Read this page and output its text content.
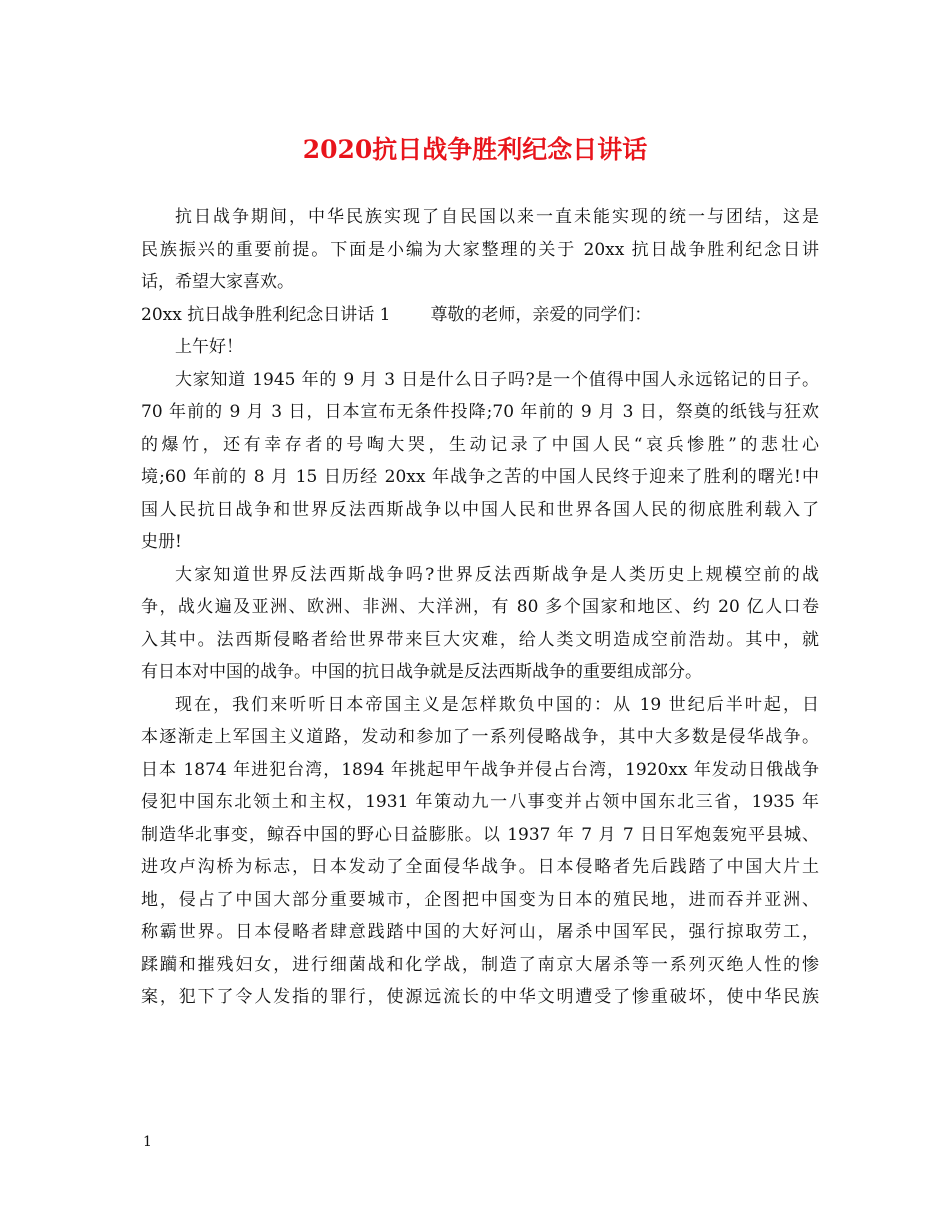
2020抗日战争胜利纪念日讲话
抗日战争期间，中华民族实现了自民国以来一直未能实现的统一与团结，这是
民族振兴的重要前提。下面是小编为大家整理的关于 20xx 抗日战争胜利纪念日讲
话，希望大家喜欢。
20xx 抗日战争胜利纪念日讲话 1 尊敬的老师，亲爱的同学们：
上午好！
大家知道 1945 年的 9 月 3 日是什么日子吗?是一个值得中国人永远铭记的日子。
70 年前的 9 月 3 日，日本宣布无条件投降;70 年前的 9 月 3 日，祭奠的纸钱与狂欢
的爆竹，还有幸存者的号啕大哭，生动记录了中国人民“哀兵惨胜”的悲壮心
境;60 年前的 8 月 15 日历经 20xx 年战争之苦的中国人民终于迎来了胜利的曙光!中
国人民抗日战争和世界反法西斯战争以中国人民和世界各国人民的彻底胜利载入了
史册!
大家知道世界反法西斯战争吗?世界反法西斯战争是人类历史上规模空前的战
争，战火遍及亚洲、欧洲、非洲、大洋洲，有 80 多个国家和地区、约 20 亿人口卷
入其中。法西斯侵略者给世界带来巨大灾难，给人类文明造成空前浩劫。其中，就
有日本对中国的战争。中国的抗日战争就是反法西斯战争的重要组成部分。
现在，我们来听听日本帝国主义是怎样欺负中国的：从 19 世纪后半叶起，日
本逐渐走上军国主义道路，发动和参加了一系列侵略战争，其中大多数是侵华战争。
日本 1874 年进犯台湾，1894 年挑起甲午战争并侵占台湾，1920xx 年发动日俄战争
侵犯中国东北领土和主权，1931 年策动九一八事变并占领中国东北三省，1935 年
制造华北事变，鲸吞中国的野心日益膨胀。以 1937 年 7 月 7 日日军炮轰宛平县城、
进攻卢沟桥为标志，日本发动了全面侵华战争。日本侵略者先后践踏了中国大片土
地，侵占了中国大部分重要城市，企图把中国变为日本的殖民地，进而吞并亚洲、
称霸世界。日本侵略者肆意践踏中国的大好河山，屠杀中国军民，强行掠取劳工，
蹂躏和摧残妇女，进行细菌战和化学战，制造了南京大屠杀等一系列灭绝人性的惨
案，犯下了令人发指的罪行，使源远流长的中华文明遭受了惨重破坏，使中华民族
1
